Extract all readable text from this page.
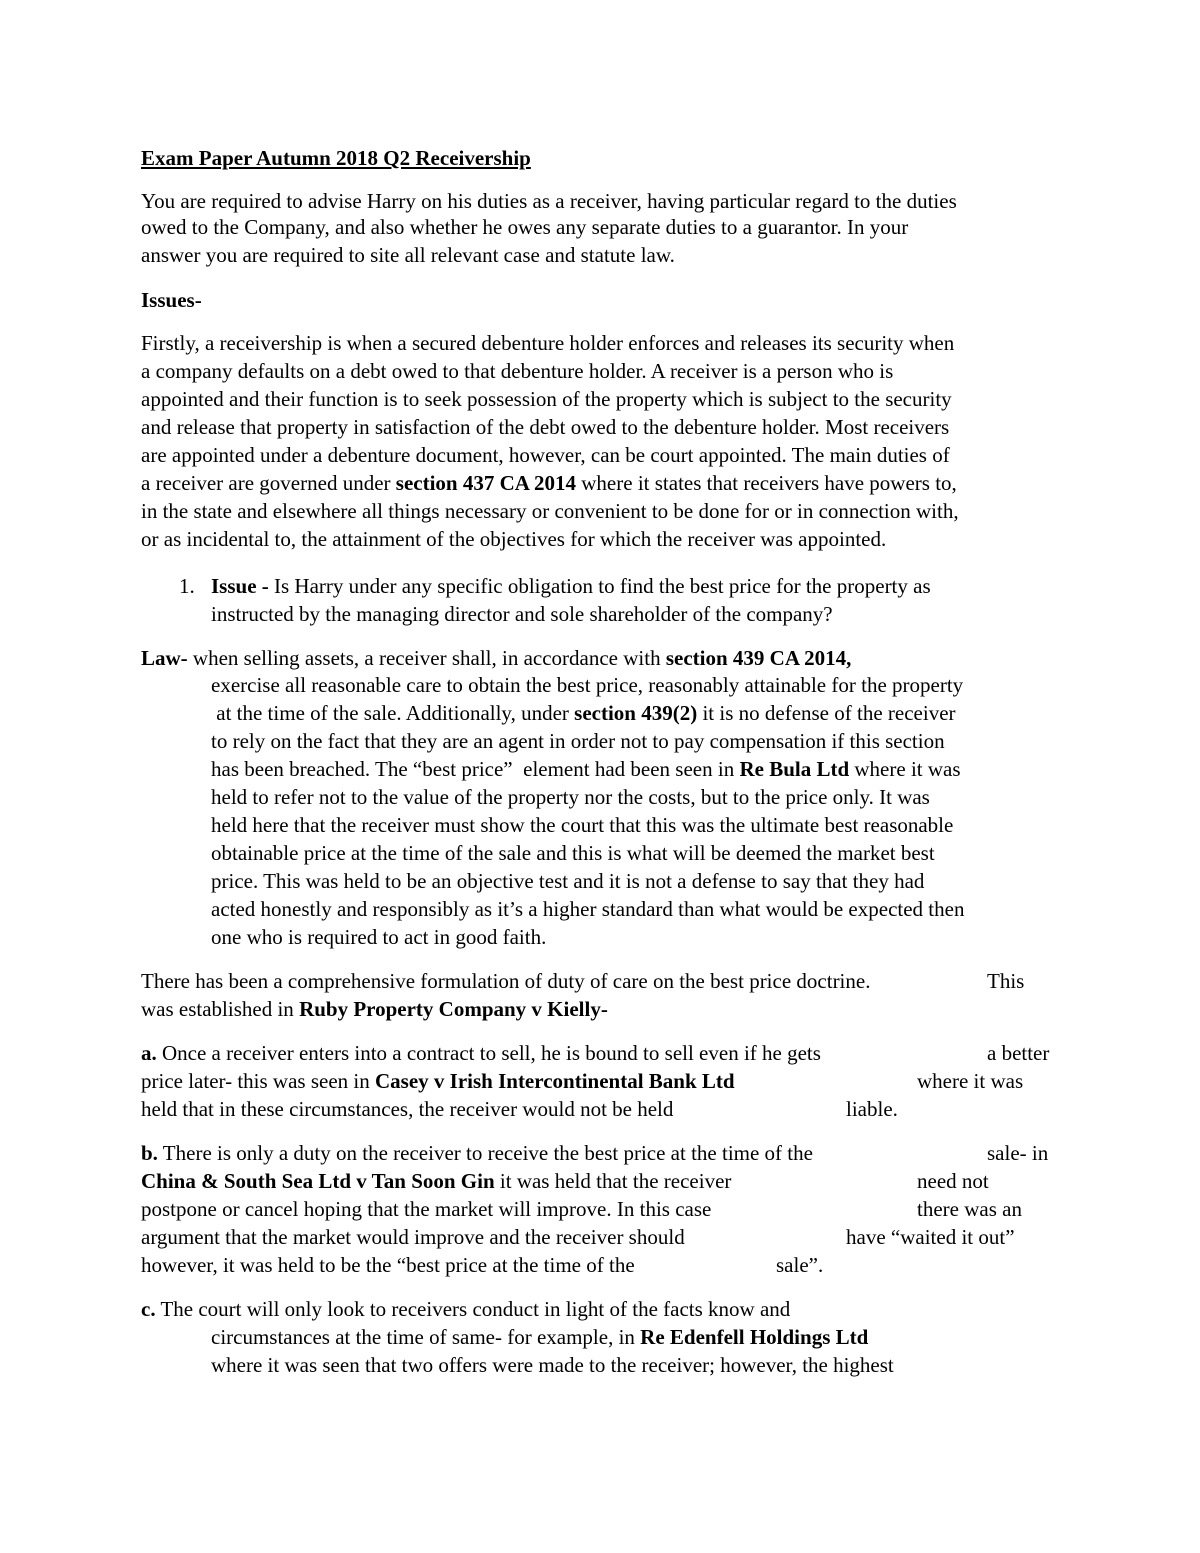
Exam Paper Autumn 2018 Q2 Receivership
You are required to advise Harry on his duties as a receiver, having particular regard to the duties
owed to the Company, and also whether he owes any separate duties to a guarantor. In your
answer you are required to site all relevant case and statute law.
Issues-
Firstly, a receivership is when a secured debenture holder enforces and releases its security when
a company defaults on a debt owed to that debenture holder. A receiver is a person who is
appointed and their function is to seek possession of the property which is subject to the security
and release that property in satisfaction of the debt owed to the debenture holder. Most receivers
are appointed under a debenture document, however, can be court appointed. The main duties of
a receiver are governed under section 437 CA 2014 where it states that receivers have powers to,
in the state and elsewhere all things necessary or convenient to be done for or in connection with,
or as incidental to, the attainment of the objectives for which the receiver was appointed.
1. Issue - Is Harry under any specific obligation to find the best price for the property as
instructed by the managing director and sole shareholder of the company?
Law- when selling assets, a receiver shall, in accordance with section 439 CA 2014,
exercise all reasonable care to obtain the best price, reasonably attainable for the property
at the time of the sale. Additionally, under section 439(2) it is no defense of the receiver
to rely on the fact that they are an agent in order not to pay compensation if this section
has been breached. The “best price”  element had been seen in Re Bula Ltd where it was
held to refer not to the value of the property nor the costs, but to the price only. It was
held here that the receiver must show the court that this was the ultimate best reasonable
obtainable price at the time of the sale and this is what will be deemed the market best
price. This was held to be an objective test and it is not a defense to say that they had
acted honestly and responsibly as it’s a higher standard than what would be expected then
one who is required to act in good faith.
There has been a comprehensive formulation of duty of care on the best price doctrine.	This
was established in Ruby Property Company v Kielly-
a. Once a receiver enters into a contract to sell, he is bound to sell even if he gets	a better
price later- this was seen in Casey v Irish Intercontinental Bank Ltd	where it was
held that in these circumstances, the receiver would not be held	liable.
b. There is only a duty on the receiver to receive the best price at the time of the	sale- in
China & South Sea Ltd v Tan Soon Gin it was held that the receiver	need not
postpone or cancel hoping that the market will improve. In this case	there was an
argument that the market would improve and the receiver should	have “waited it out”
however, it was held to be the “best price at the time of the	sale”.
c. The court will only look to receivers conduct in light of the facts know and
circumstances at the time of same- for example, in Re Edenfell Holdings Ltd
where it was seen that two offers were made to the receiver; however, the highest
